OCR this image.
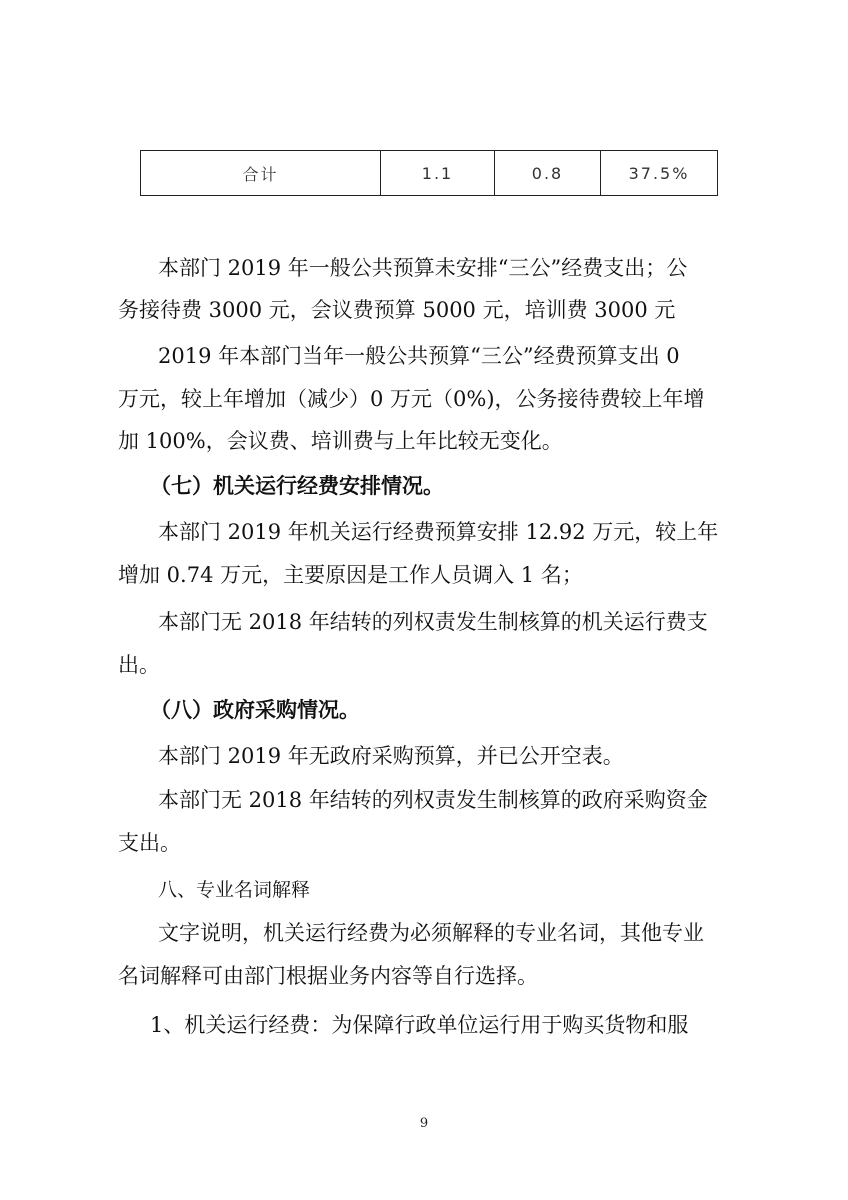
合计	1.1	0.8	37.5%

本部门 2019 年一般公共预算未安排“三公”经费支出；公

务接待费 3000 元，会议费预算 5000 元，培训费 3000 元

2019 年本部门当年一般公共预算“三公”经费预算支出 0

万元，较上年增加（减少）0 万元（0%)，公务接待费较上年增

加 100%，会议费、培训费与上年比较无变化。

（七）机关运行经费安排情况。

本部门 2019 年机关运行经费预算安排 12.92 万元，较上年

增加 0.74 万元，主要原因是工作人员调入 1 名；

本部门无 2018 年结转的列权责发生制核算的机关运行费支

出。

（八）政府采购情况。

本部门 2019 年无政府采购预算，并已公开空表。

本部门无 2018 年结转的列权责发生制核算的政府采购资金

支出。

八、专业名词解释

文字说明，机关运行经费为必须解释的专业名词，其他专业

名词解释可由部门根据业务内容等自行选择。

1、机关运行经费：为保障行政单位运行用于购买货物和服

9
